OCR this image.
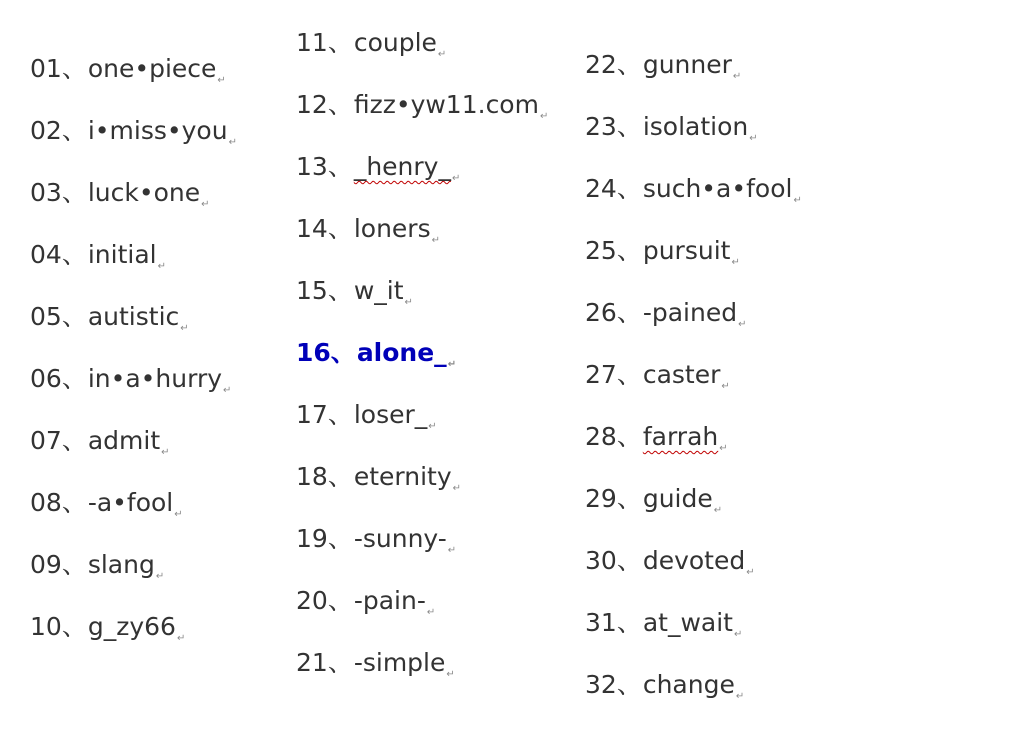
01、one•piece↵
02、i•miss•you↵
03、luck•one↵
04、initial↵
05、autistic↵
06、in•a•hurry↵
07、admit↵
08、-a•fool↵
09、slang↵
10、g_zy66↵
11、couple↵
12、fizz•yw11.com↵
13、_henry_↵
14、loners↵
15、w_it↵
16、alone_↵
17、loser_↵
18、eternity↵
19、-sunny-↵
20、-pain-↵
21、-simple↵
22、gunner↵
23、isolation↵
24、such•a•fool↵
25、pursuit↵
26、-pained↵
27、caster↵
28、farrah↵
29、guide↵
30、devoted↵
31、at_wait↵
32、change↵
